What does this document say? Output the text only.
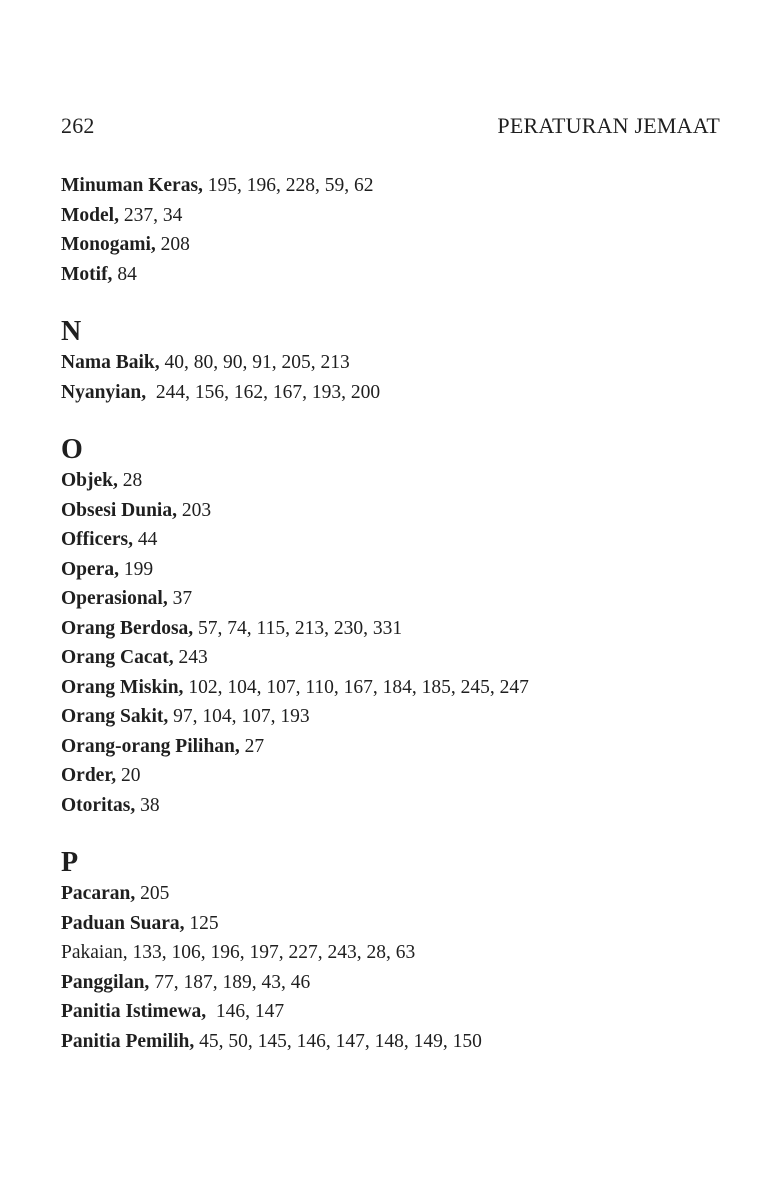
262	PERATURAN JEMAAT
Minuman Keras, 195, 196, 228, 59, 62
Model, 237, 34
Monogami, 208
Motif, 84
N
Nama Baik, 40, 80, 90, 91, 205, 213
Nyanyian,  244, 156, 162, 167, 193, 200
O
Objek, 28
Obsesi Dunia, 203
Officers, 44
Opera, 199
Operasional, 37
Orang Berdosa, 57, 74, 115, 213, 230, 331
Orang Cacat, 243
Orang Miskin, 102, 104, 107, 110, 167, 184, 185, 245, 247
Orang Sakit, 97, 104, 107, 193
Orang-orang Pilihan, 27
Order, 20
Otoritas, 38
P
Pacaran, 205
Paduan Suara, 125
Pakaian, 133, 106, 196, 197, 227, 243, 28, 63
Panggilan, 77, 187, 189, 43, 46
Panitia Istimewa,  146, 147
Panitia Pemilih, 45, 50, 145, 146, 147, 148, 149, 150
